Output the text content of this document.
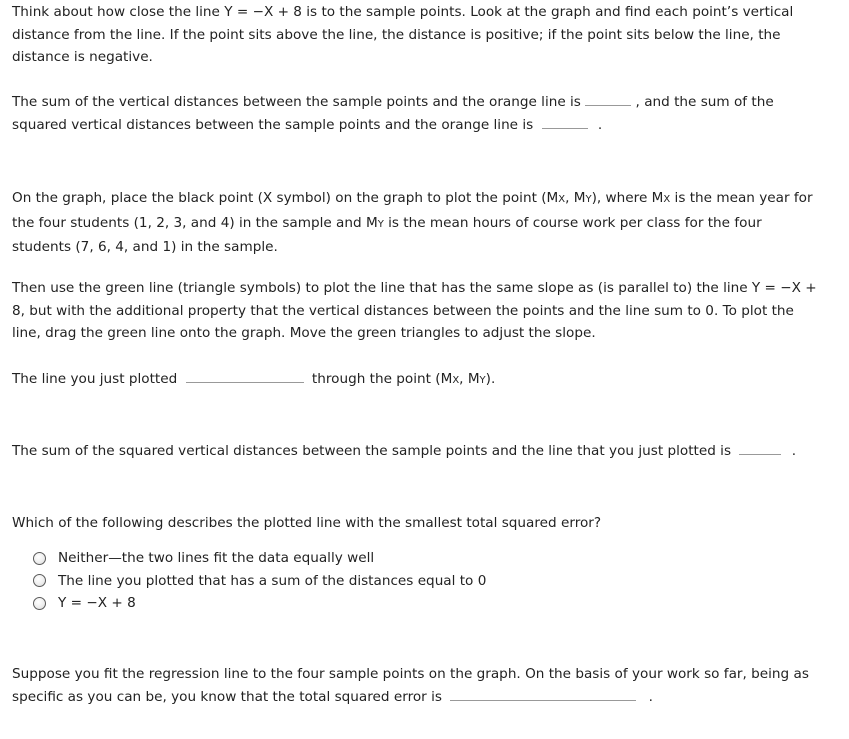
Think about how close the line Y = −X + 8 is to the sample points. Look at the graph and find each point’s vertical distance from the line. If the point sits above the line, the distance is positive; if the point sits below the line, the distance is negative.

The sum of the vertical distances between the sample points and the orange line is	, and the sum of the squared vertical distances between the sample points and the orange line is	.

On the graph, place the black point (X symbol) on the graph to plot the point (MX, MY), where MX is the mean year for the four students (1, 2, 3, and 4) in the sample and MY is the mean hours of course work per class for the four students (7, 6, 4, and 1) in the sample.

Then use the green line (triangle symbols) to plot the line that has the same slope as (is parallel to) the line Y = −X + 8, but with the additional property that the vertical distances between the points and the line sum to 0. To plot the line, drag the green line onto the graph. Move the green triangles to adjust the slope.

The line you just plotted	through the point (MX, MY).

The sum of the squared vertical distances between the sample points and the line that you just plotted is	.

Which of the following describes the plotted line with the smallest total squared error?

Neither—the two lines fit the data equally well
The line you plotted that has a sum of the distances equal to 0
Y = −X + 8

Suppose you fit the regression line to the four sample points on the graph. On the basis of your work so far, being as specific as you can be, you know that the total squared error is	.
